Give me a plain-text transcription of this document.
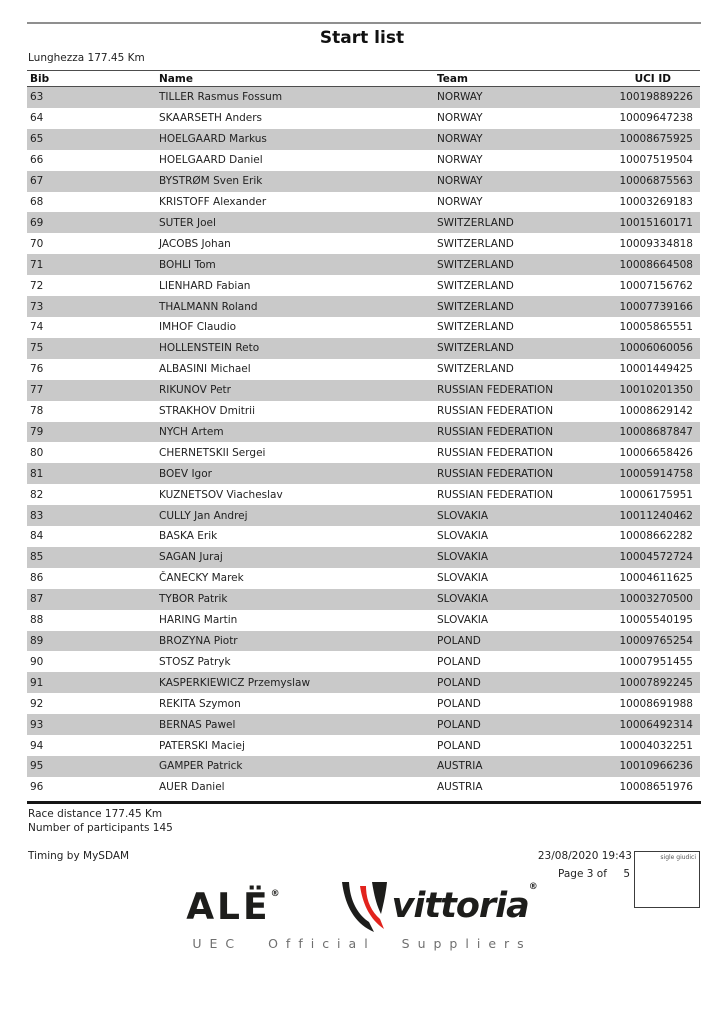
Start list
Lunghezza 177.45 Km
Bib	Name	Team	UCI ID
63	TILLER Rasmus Fossum	NORWAY	10019889226
64	SKAARSETH Anders	NORWAY	10009647238
65	HOELGAARD Markus	NORWAY	10008675925
66	HOELGAARD Daniel	NORWAY	10007519504
67	BYSTRØM Sven Erik	NORWAY	10006875563
68	KRISTOFF Alexander	NORWAY	10003269183
69	SUTER Joel	SWITZERLAND	10015160171
70	JACOBS Johan	SWITZERLAND	10009334818
71	BOHLI Tom	SWITZERLAND	10008664508
72	LIENHARD Fabian	SWITZERLAND	10007156762
73	THALMANN Roland	SWITZERLAND	10007739166
74	IMHOF Claudio	SWITZERLAND	10005865551
75	HOLLENSTEIN Reto	SWITZERLAND	10006060056
76	ALBASINI Michael	SWITZERLAND	10001449425
77	RIKUNOV Petr	RUSSIAN FEDERATION	10010201350
78	STRAKHOV Dmitrii	RUSSIAN FEDERATION	10008629142
79	NYCH Artem	RUSSIAN FEDERATION	10008687847
80	CHERNETSKII Sergei	RUSSIAN FEDERATION	10006658426
81	BOEV Igor	RUSSIAN FEDERATION	10005914758
82	KUZNETSOV Viacheslav	RUSSIAN FEDERATION	10006175951
83	CULLY Jan Andrej	SLOVAKIA	10011240462
84	BASKA Erik	SLOVAKIA	10008662282
85	SAGAN Juraj	SLOVAKIA	10004572724
86	ČANECKY Marek	SLOVAKIA	10004611625
87	TYBOR Patrik	SLOVAKIA	10003270500
88	HARING Martin	SLOVAKIA	10005540195
89	BROZYNA Piotr	POLAND	10009765254
90	STOSZ Patryk	POLAND	10007951455
91	KASPERKIEWICZ Przemyslaw	POLAND	10007892245
92	REKITA Szymon	POLAND	10008691988
93	BERNAS Pawel	POLAND	10006492314
94	PATERSKI Maciej	POLAND	10004032251
95	GAMPER Patrick	AUSTRIA	10010966236
96	AUER Daniel	AUSTRIA	10008651976
Race distance 177.45 Km
Number of participants 145
Timing by MySDAM	23/08/2020 19:43
Page 3 of 5
sigle giudici
ALË ®	vittoria ®
UEC Official Suppliers
